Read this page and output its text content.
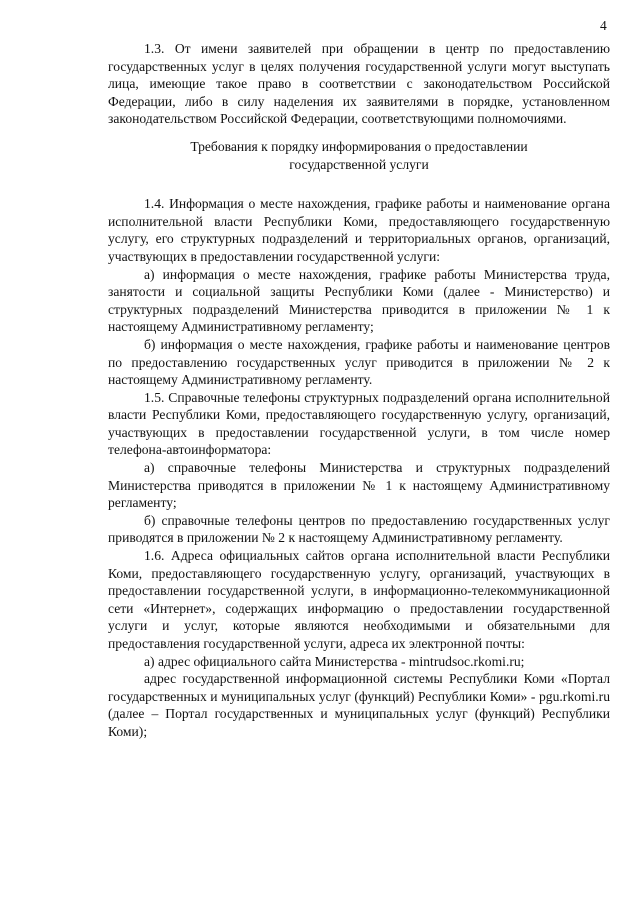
4

1.3. От имени заявителей при обращении в центр по предоставлению государственных услуг в целях получения государственной услуги могут выступать лица, имеющие такое право в соответствии с законодательством Российской Федерации, либо в силу наделения их заявителями в порядке, установленном законодательством Российской Федерации, соответствующими полномочиями.

Требования к порядку информирования о предоставлении
государственной услуги

1.4. Информация о месте нахождения, графике работы и наименование органа исполнительной власти Республики Коми, предоставляющего государственную услугу, его структурных подразделений и территориальных органов, организаций, участвующих в предоставлении государственной услуги:

а) информация о месте нахождения, графике работы Министерства труда, занятости и социальной защиты Республики Коми (далее - Министерство) и структурных подразделений Министерства приводится в приложении № 1 к настоящему Административному регламенту;

б) информация о месте нахождения, графике работы и наименование центров по предоставлению государственных услуг приводится в приложении № 2 к настоящему Административному регламенту.

1.5. Справочные телефоны структурных подразделений органа исполнительной власти Республики Коми, предоставляющего государственную услугу, организаций, участвующих в предоставлении государственной услуги, в том числе номер телефона-автоинформатора:

а) справочные телефоны Министерства и структурных подразделений Министерства приводятся в приложении № 1 к настоящему Административному регламенту;

б) справочные телефоны центров по предоставлению государственных услуг приводятся в приложении № 2 к настоящему Административному регламенту.

1.6. Адреса официальных сайтов органа исполнительной власти Республики Коми, предоставляющего государственную услугу, организаций, участвующих в предоставлении государственной услуги, в информационно-телекоммуникационной сети «Интернет», содержащих информацию о предоставлении государственной услуги и услуг, которые являются необходимыми и обязательными для предоставления государственной услуги, адреса их электронной почты:

а) адрес официального сайта Министерства - mintrudsoc.rkomi.ru;

адрес государственной информационной системы Республики Коми «Портал государственных и муниципальных услуг (функций) Республики Коми» - pgu.rkomi.ru (далее – Портал государственных и муниципальных услуг (функций) Республики Коми);
